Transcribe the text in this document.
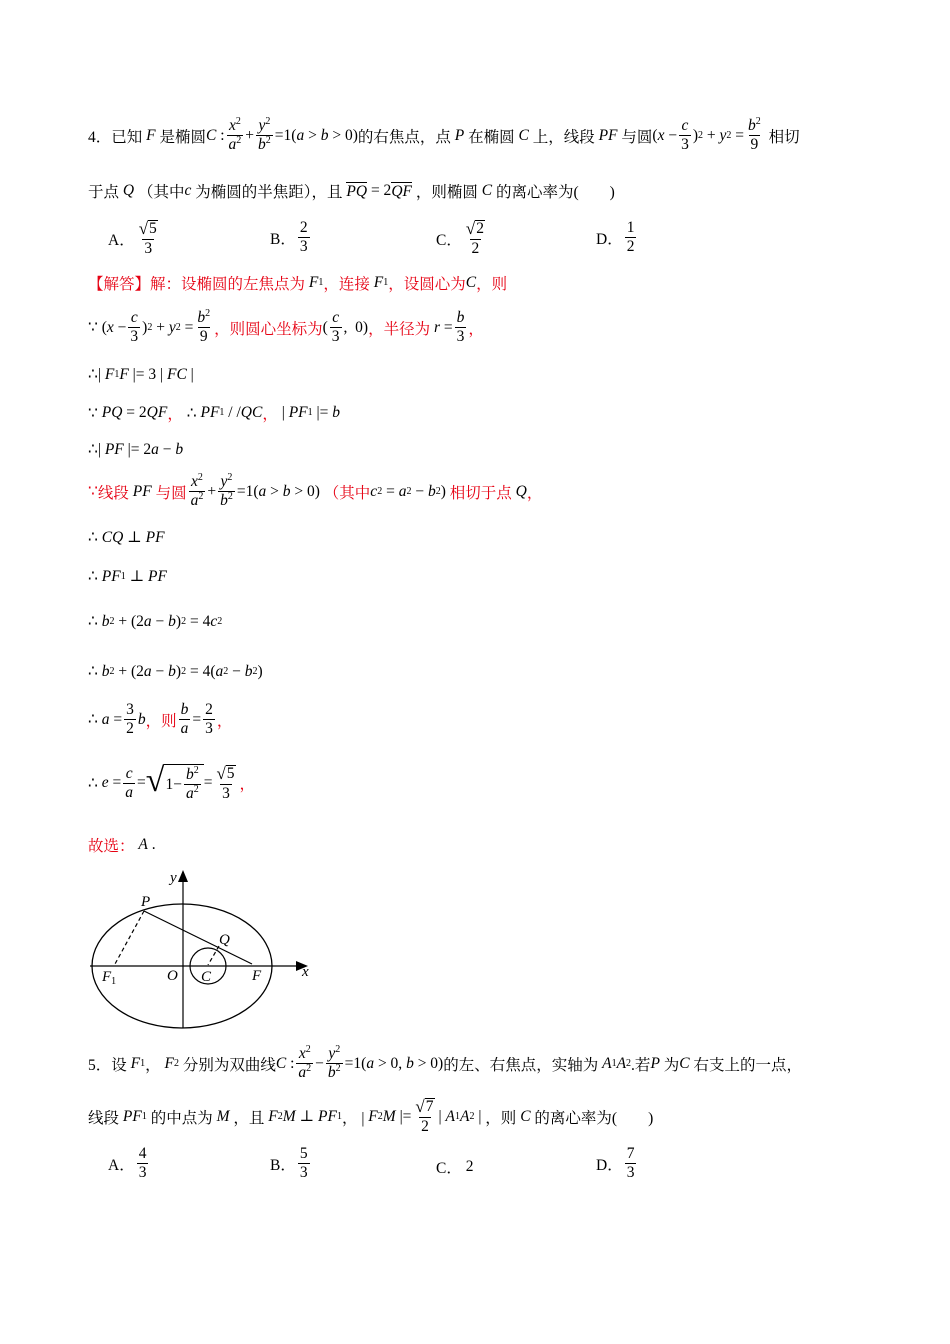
4． 已知
F
是椭圆 C : $\frac{x^2}{a^2} + \frac{y^2}{b^2} =1$( a > b > 0) 的右焦点，点
P
在椭圆
C
上，线段
PF
与圆 ( $x - \frac{c}{3}$ ) 2 + y $2 = \frac{b^2}{9}$
相切
于点
Q
（其中 c
为椭圆的半焦距），且
PQ = 2 QF
，则椭圆
C
的离心率为(　　)
A． $\frac{√ 5}{3}$	B． $\frac{2}{3}$	C． $\frac{√ 2}{2}$	D． $\frac{1}{2}$
【解答】 解：设椭圆的左焦点为
F 1 ，连接
F 1 ，设圆心为 C ，则
∵ ( $x - \frac{c}{3}$ ) 2 + y $2 = \frac{b^2}{9}$ ，则圆心坐标为 ( $\frac{c}{3}$ ,  0) ，半径为
$r = \frac{b}{3}$ ，
∴| F 1 F |= 3 | FC |
∵ PQ = 2 QF ， ∴ PF 1 / / QC ， | PF 1 |= b
∴| PF |= 2 a − b
∵ 线段
PF
与圆 $\frac{x^2}{a^2} + \frac{y^2}{b^2} =1$( a > b > 0) （其中 c 2 = a 2 − b 2 ) 相切于点
Q ，
∴ CQ ⊥ PF
∴ PF 1 ⊥ PF
∴ b 2 + (2 a − b ) 2 = 4 c 2
∴ b 2 + (2 a − b ) 2 = 4( a 2 − b 2 )
∴ $a = \frac{3}{2}$ b ，则 $\frac{b}{a} = \frac{2}{3}$ ，
∴ $e = \frac{c}{a}$ = √ $1- \frac{b^2}{a^2} = \frac{√ 5}{3}$ ，
故选：
A .
y
x
O
P
Q
C	F
$F_1$
5． 设
F 1 ， F 2
分别为双曲线 C : $\frac{x^2}{a^2} - \frac{y^2}{b^2} =1$( a > 0, b > 0) 的左、右焦点，实轴为
A 1 A 2 .若 P
为 C
右支上的一点，
线段
PF 1
的中点为
M
，且
F 2 M ⊥ PF 1 ， | F 2 M |= $\frac{√ 7}{2}$ | A 1 A 2 | ，则
C
的离心率为(　　)
A． $\frac{4}{3}$	B． $\frac{5}{3}$	C．
2	D． $\frac{7}{3}$
